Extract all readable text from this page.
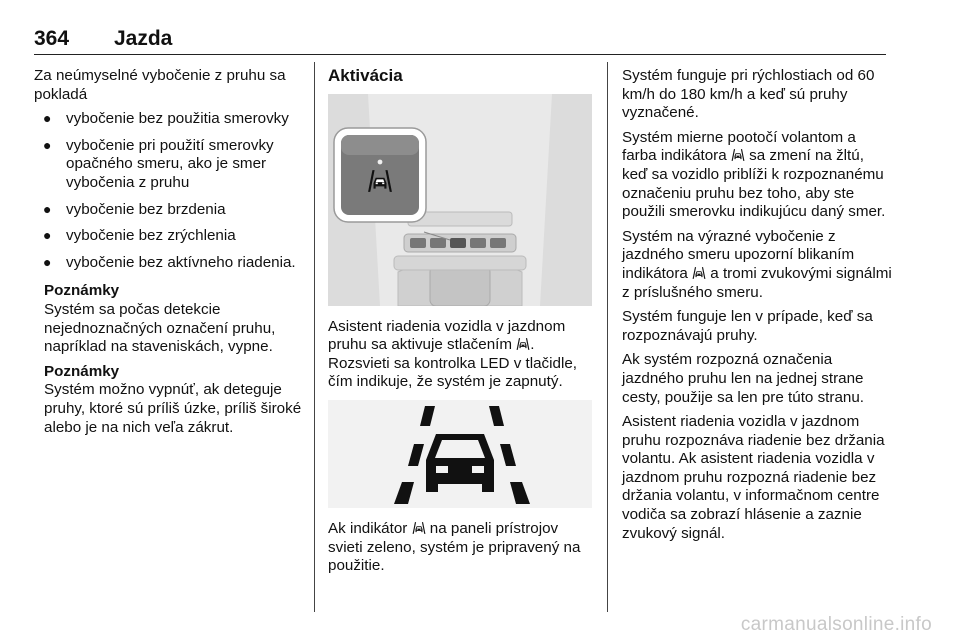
364 Jazda

Za neúmyselné vybočenie z pruhu sa pokladá

● vybočenie bez použitia smerovky
● vybočenie pri použití smerovky opačného smeru, ako je smer vybočenia z pruhu
● vybočenie bez brzdenia
● vybočenie bez zrýchlenia
● vybočenie bez aktívneho riadenia.
Poznámky
Systém sa počas detekcie nejednoznačných označení pruhu, napríklad na staveniskách, vypne.
Poznámky
Systém možno vypnúť, ak deteguje pruhy, ktoré sú príliš úzke, príliš široké alebo je na nich veľa zákrut.
Aktivácia

Asistent riadenia vozidla v jazdnom pruhu sa aktivuje stlačením . Rozsvieti sa kontrolka LED v tlačidle, čím indikuje, že systém je zapnutý.

Ak indikátor  na paneli prístrojov svieti zeleno, systém je pripravený na použitie.

Systém funguje pri rýchlostiach od 60 km/h do 180 km/h a keď sú pruhy vyznačené.

Systém mierne pootočí volantom a farba indikátora  sa zmení na žltú, keď sa vozidlo priblíži k rozpoznanému označeniu pruhu bez toho, aby ste použili smerovku indikujúcu daný smer.

Systém na výrazné vybočenie z jazdného smeru upozorní blikaním indikátora  a tromi zvukovými signálmi z príslušného smeru.

Systém funguje len v prípade, keď sa rozpoznávajú pruhy.

Ak systém rozpozná označenia jazdného pruhu len na jednej strane cesty, použije sa len pre túto stranu.

Asistent riadenia vozidla v jazdnom pruhu rozpoznáva riadenie bez držania volantu. Ak asistent riadenia vozidla v jazdnom pruhu rozpozná riadenie bez držania volantu, v informačnom centre vodiča sa zobrazí hlásenie a zaznie zvukový signál.

carmanualsonline.info
